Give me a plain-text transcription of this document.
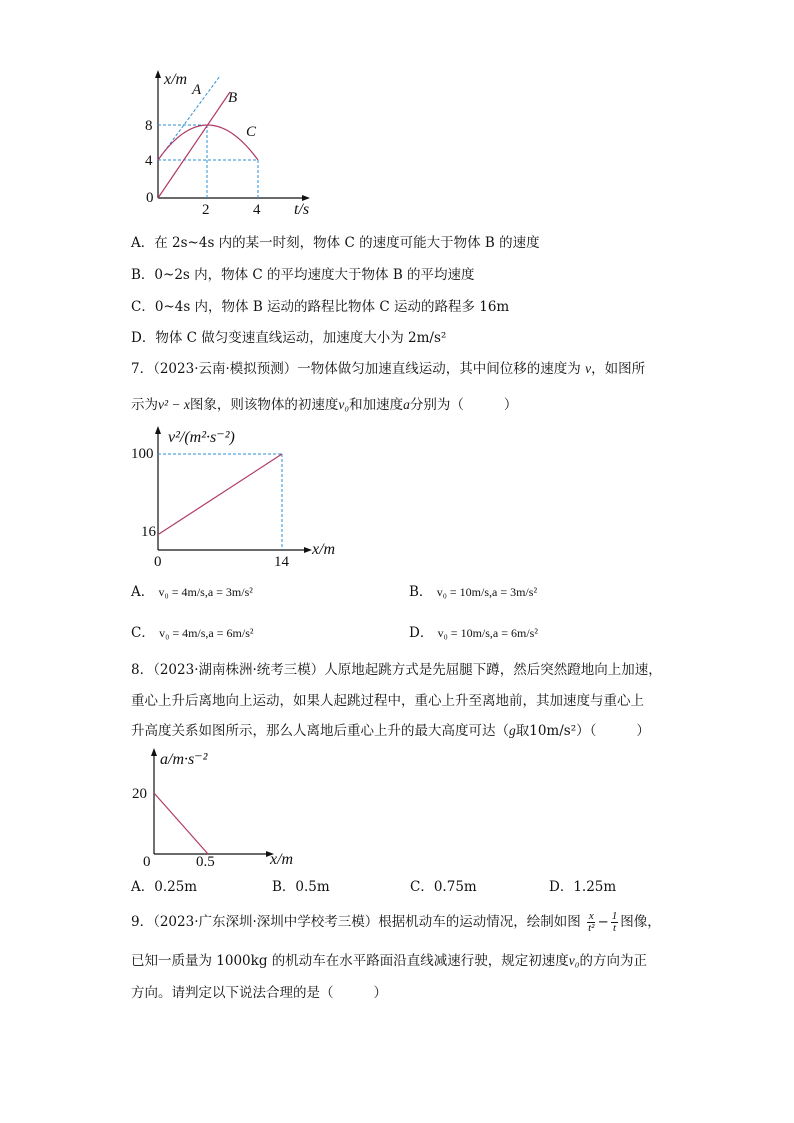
x/m
t/s
0
4
8
2	4
A B
C
A．在 2s~4s 内的某一时刻，物体 C 的速度可能大于物体 B 的速度
B．0~2s 内，物体 C 的平均速度大于物体 B 的平均速度
C．0~4s 内，物体 B 运动的路程比物体 C 运动的路程多 16m
D．物体 C 做匀变速直线运动，加速度大小为 2m/s²
7．（2023·云南·模拟预测）一物体做匀加速直线运动，其中间位移的速度为 v，如图所
示为v² − x图象，则该物体的初速度v₀和加速度a分别为（	）
v²/(m²·s⁻²)
x/m
0
16
100
14
A． v₀ = 4m/s,a = 3m/s²	B． v₀ = 10m/s,a = 3m/s²
C． v₀ = 4m/s,a = 6m/s²	D． v₀ = 10m/s,a = 6m/s²
8．（2023·湖南株洲·统考三模）人原地起跳方式是先屈腿下蹲，然后突然蹬地向上加速，
重心上升后离地向上运动，如果人起跳过程中，重心上升至离地前，其加速度与重心上
升高度关系如图所示，那么人离地后重心上升的最大高度可达（g取10m/s²）（	）
a/m·s⁻²
x/m
0
20
0.5
A．0.25m	B．0.5m	C．0.75m	D．1.25m
9．（2023·广东深圳·深圳中学校考三模）根据机动车的运动情况，绘制如图 $\frac{x}{\text{t²}} - \frac{1}{t}$ 图像，
已知一质量为 1000kg 的机动车在水平路面沿直线减速行驶，规定初速度v₀的方向为正
方向。请判定以下说法合理的是（	）
